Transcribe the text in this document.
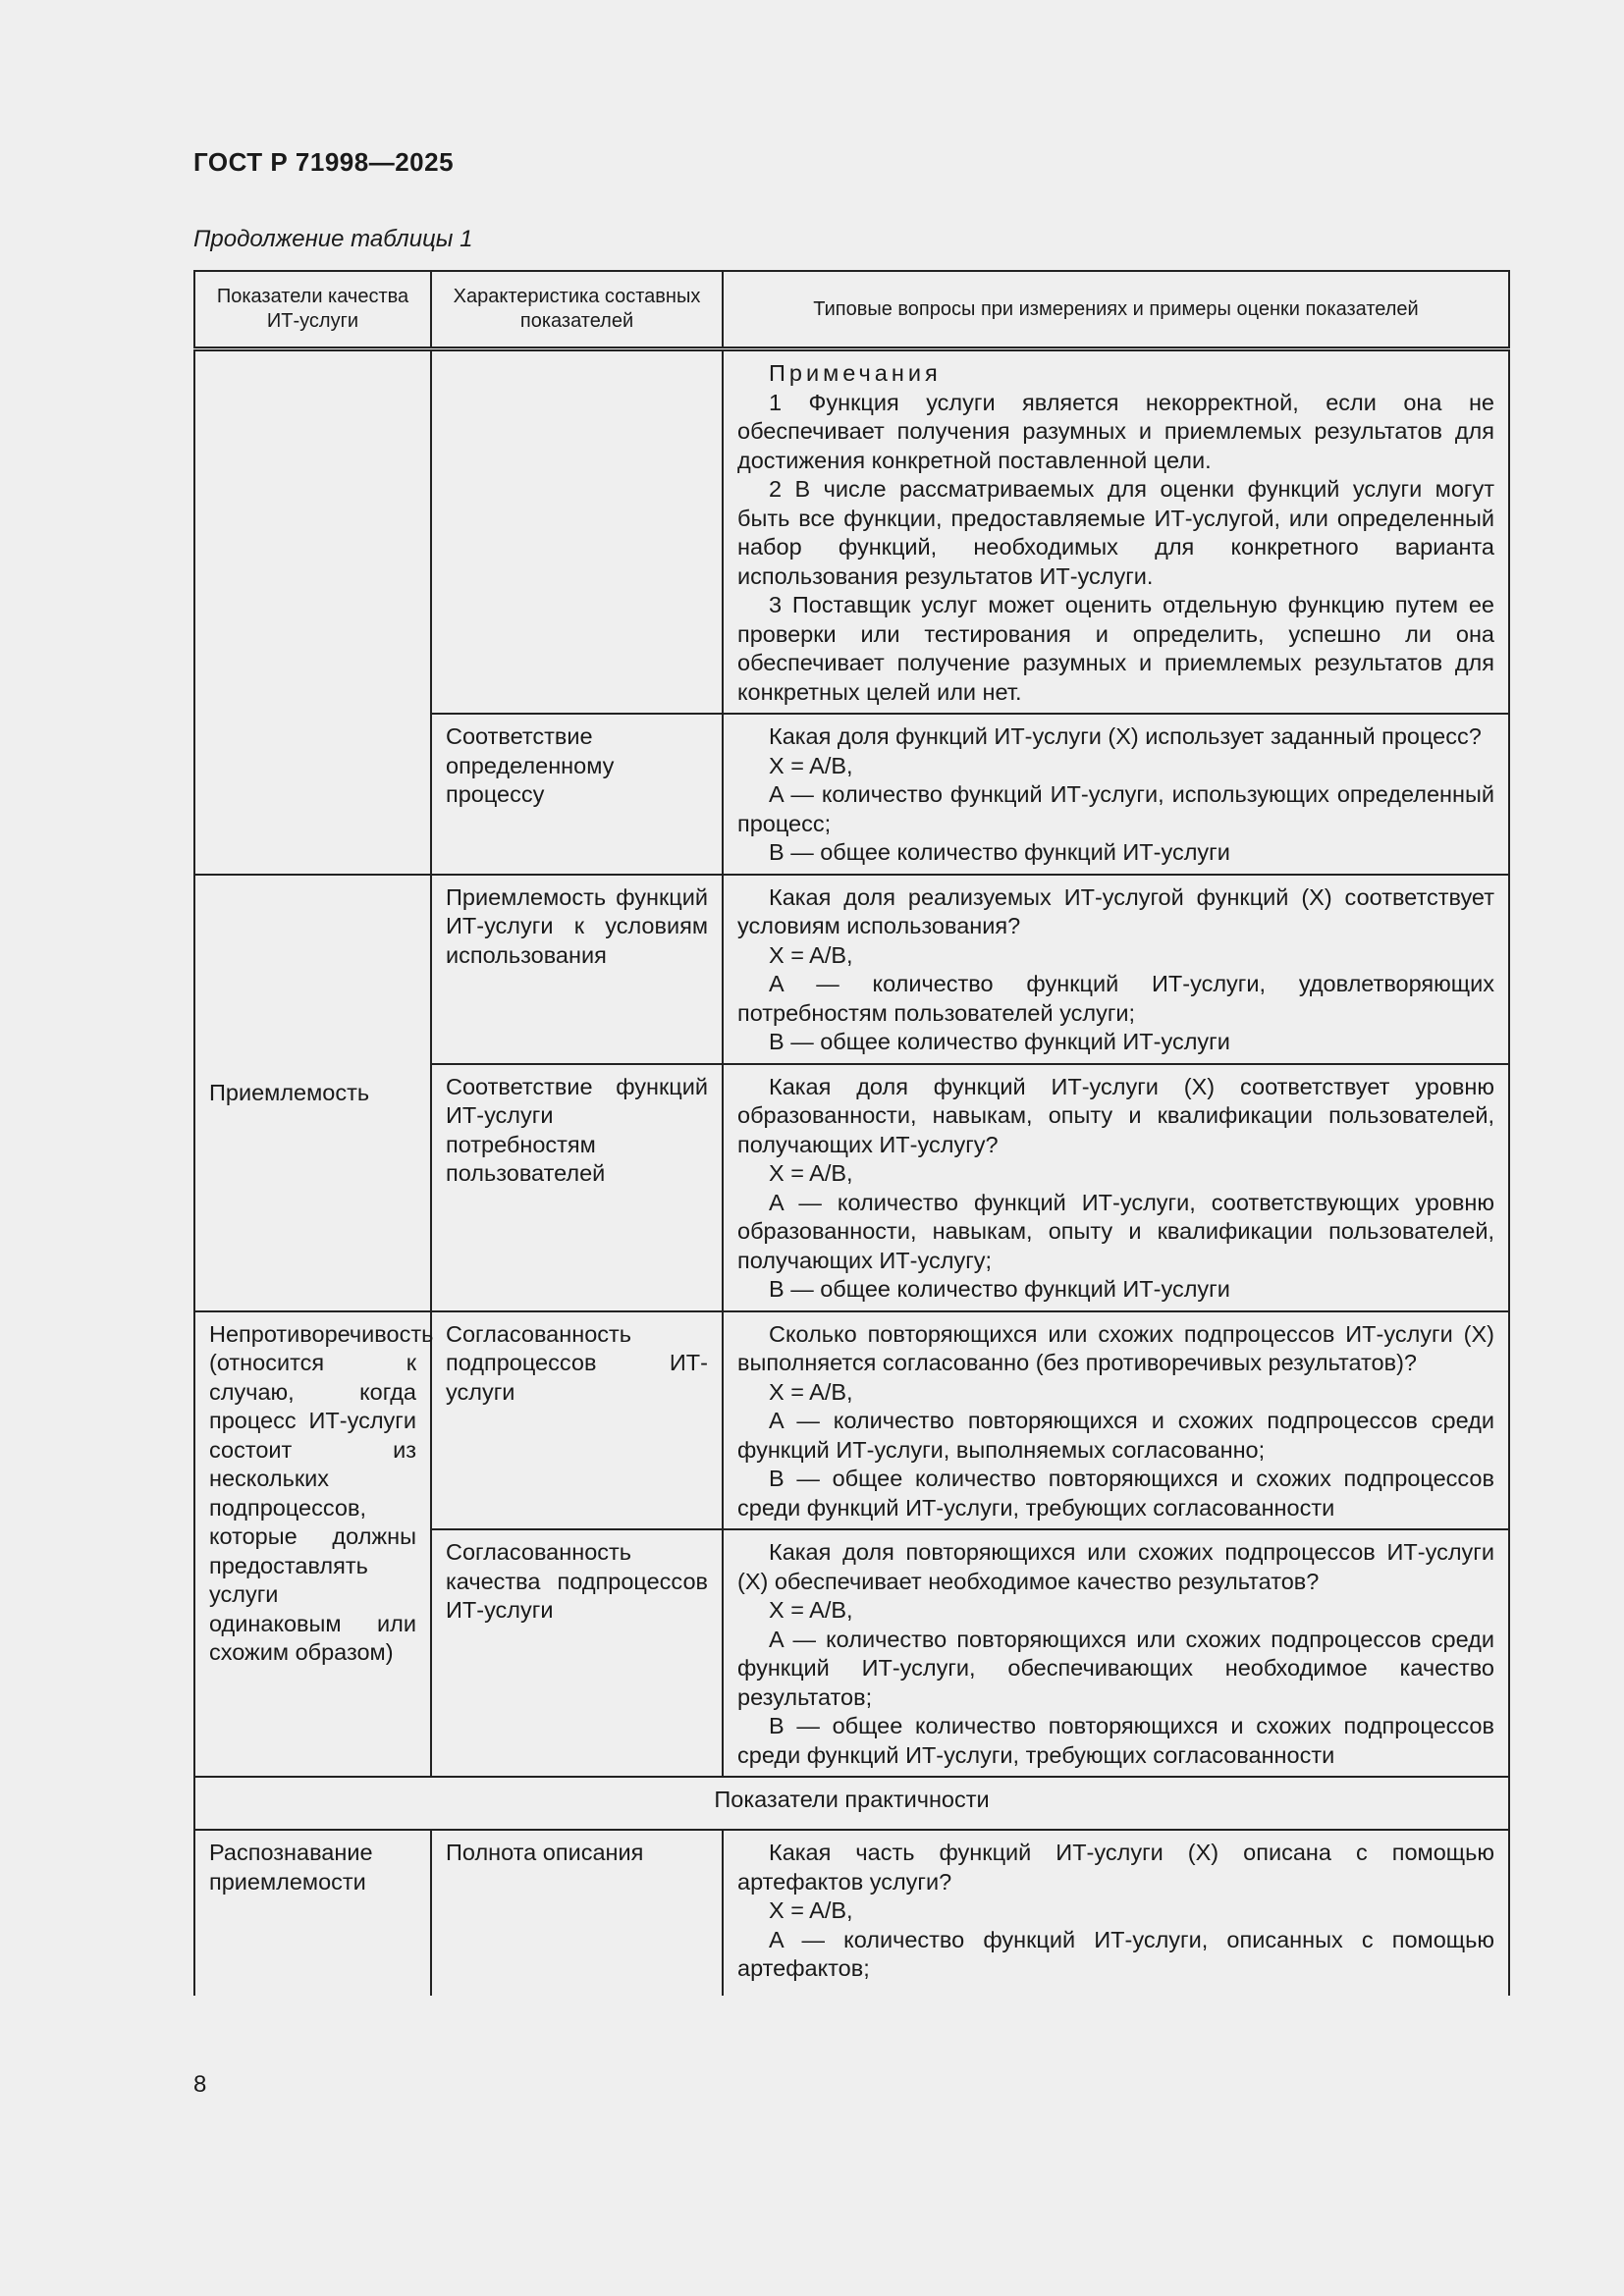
ГОСТ Р 71998—2025
Продолжение таблицы 1
Показатели качества ИТ-услуги	Характеристика составных показателей	Типовые вопросы при измерениях и примеры оценки показателей

		Примечания

1 Функция услуги является некорректной, если она не обеспечивает получения разумных и приемлемых результатов для достижения конкретной поставленной цели.

2 В числе рассматриваемых для оценки функций услуги могут быть все функции, предоставляемые ИТ-услугой, или определенный набор функций, необходимых для конкретного варианта использования результатов ИТ-услуги.

3 Поставщик услуг может оценить отдельную функцию путем ее проверки или тестирования и определить, успешно ли она обеспечивает получение разумных и приемлемых результатов для конкретных целей или нет.

	Соответствие определенному процессу	Какая доля функций ИТ-услуги (X) использует заданный процесс?

X = A/B,

A — количество функций ИТ-услуги, использующих определенный процесс;

B — общее количество функций ИТ-услуги

Приемлемость	Приемлемость функций ИТ-услуги к условиям использования	Какая доля реализуемых ИТ-услугой функций (X) соответствует условиям использования?

X = A/B,

A — количество функций ИТ-услуги, удовлетворяющих потребностям пользователей услуги;

B — общее количество функций ИТ-услуги

	Соответствие функций ИТ-услуги потребностям пользователей	Какая доля функций ИТ-услуги (X) соответствует уровню образованности, навыкам, опыту и квалификации пользователей, получающих ИТ-услугу?

X = A/B,

A — количество функций ИТ-услуги, соответствующих уровню образованности, навыкам, опыту и квалификации пользователей, получающих ИТ-услугу;

B — общее количество функций ИТ-услуги

Непротиворечивость (относится к случаю, когда процесс ИТ-услуги состоит из нескольких подпроцессов, которые должны предоставлять услуги одинаковым или схожим образом)	Согласованность подпроцессов ИТ-услуги	Сколько повторяющихся или схожих подпроцессов ИТ-услуги (X) выполняется согласованно (без противоречивых результатов)?

X = A/B,

A — количество повторяющихся и схожих подпроцессов среди функций ИТ-услуги, выполняемых согласованно;

B — общее количество повторяющихся и схожих подпроцессов среди функций ИТ-услуги, требующих согласованности

	Согласованность качества подпроцессов ИТ-услуги	Какая доля повторяющихся или схожих подпроцессов ИТ-услуги (X) обеспечивает необходимое качество результатов?

X = A/B,

A — количество повторяющихся или схожих подпроцессов среди функций ИТ-услуги, обеспечивающих необходимое качество результатов;

B — общее количество повторяющихся и схожих подпроцессов среди функций ИТ-услуги, требующих согласованности

Показатели практичности		
Распознавание приемлемости	Полнота описания	Какая часть функций ИТ-услуги (X) описана с помощью артефактов услуги?

X = A/B,

A — количество функций ИТ-услуги, описанных с помощью артефактов;

8
